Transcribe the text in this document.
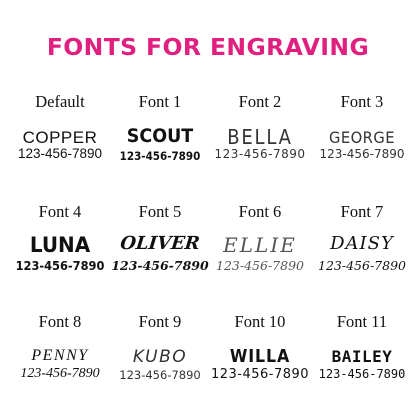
FONTS FOR ENGRAVING
Default
COPPER
123-456-7890
Font 1
SCOUT
123-456-7890
Font 2
BELLA
123-456-7890
Font 3
GEORGE
123-456-7890
Font 4
LUNA
123-456-7890
Font 5
OLIVER
123-456-7890
Font 6
ELLIE
123-456-7890
Font 7
DAISY
123-456-7890
Font 8
PENNY
123-456-7890
Font 9
KUBO
123-456-7890
Font 10
WILLA
123-456-7890
Font 11
BAILEY
123-456-7890
